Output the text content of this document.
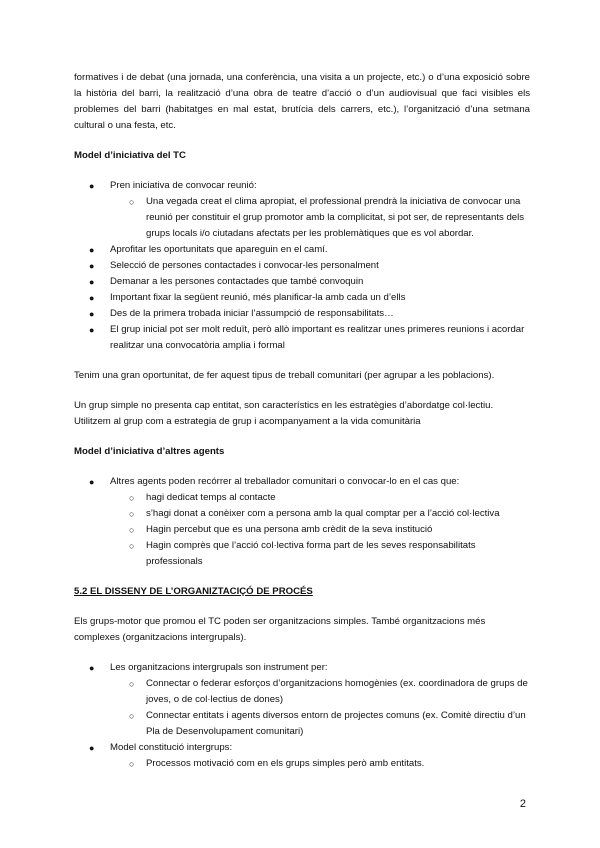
formatives i de debat (una jornada, una conferència, una visita a un projecte, etc.) o d’una exposició sobre la història del barri, la realització d’una obra de teatre d’acció o d’un audiovisual que faci visibles els problemes del barri (habitatges en mal estat, brutícia dels carrers, etc.), l’organització d’una setmana cultural o una festa, etc.

Model d’iniciativa del TC

● Pren iniciativa de convocar reunió:
○ Una vegada creat el clima apropiat, el professional prendrà la iniciativa de convocar una reunió per constituir el grup promotor amb la complicitat, si pot ser, de representants dels grups locals i/o ciutadans afectats per les problemàtiques que es vol abordar.
● Aprofitar les oportunitats que apareguin en el camí.
● Selecció de persones contactades i convocar-les personalment
● Demanar a les persones contactades que també convoquin
● Important fixar la següent reunió, més planificar-la amb cada un d’ells
● Des de la primera trobada iniciar l’assumpció de responsabilitats…
● El grup inicial pot ser molt reduït, però allò important es realitzar unes primeres reunions i acordar realitzar una convocatòria amplia i formal

Tenim una gran oportunitat, de fer aquest tipus de treball comunitari (per agrupar a les poblacions).

Un grup simple no presenta cap entitat, son característics en les estratègies d’abordatge col·lectiu. Utilitzem al grup com a estrategia de grup i acompanyament a la vida comunitària

Model d’iniciativa d’altres agents

● Altres agents poden recórrer al treballador comunitari o convocar-lo en el cas que:
○ hagi dedicat temps al contacte
○ s’hagi donat a conèixer com a persona amb la qual comptar per a l’acció col·lectiva
○ Hagin percebut que es una persona amb crèdit de la seva institució
○ Hagin comprès que l’acció col·lectiva forma part de les seves responsabilitats professionals

5.2 EL DISSENY DE L’ORGANIZTACIÇÓ DE PROCÉS

Els grups-motor que promou el TC poden ser organitzacions simples. També organitzacions més complexes (organitzacions intergrupals).

● Les organitzacions intergrupals son instrument per:
○ Connectar o federar esforços d’organitzacions homogènies (ex. coordinadora de grups de joves, o de col·lectius de dones)
○ Connectar entitats i agents diversos entorn de projectes comuns (ex. Comitè directiu d’un Pla de Desenvolupament comunitari)
● Model constitució intergrups:
○ Processos motivació com en els grups simples però amb entitats.
2
